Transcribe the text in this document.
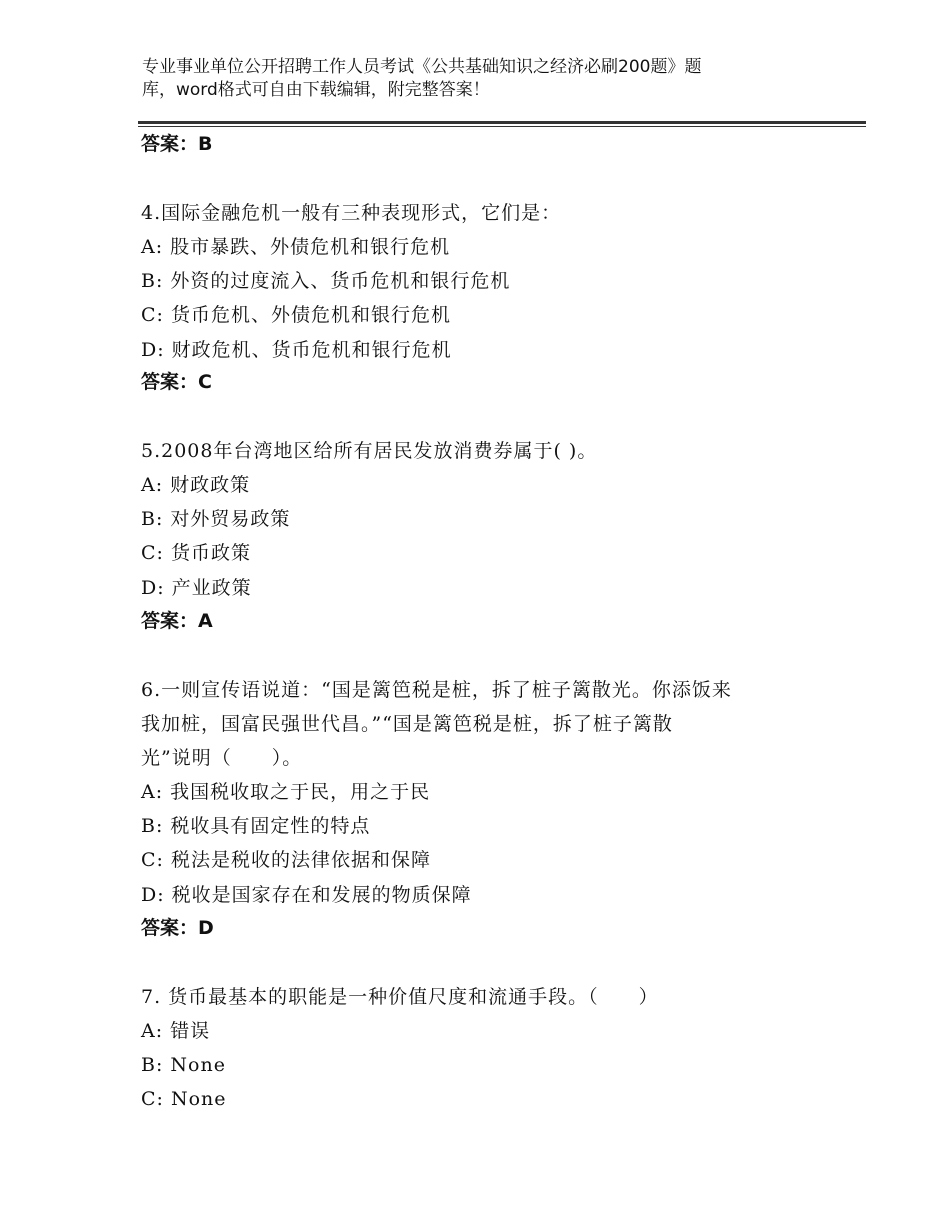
专业事业单位公开招聘工作人员考试《公共基础知识之经济必刷200题》题
库，word格式可自由下载编辑，附完整答案！
答案：B

4.国际金融危机一般有三种表现形式，它们是：

A: 股市暴跌、外债危机和银行危机

B: 外资的过度流入、货币危机和银行危机

C: 货币危机、外债危机和银行危机

D: 财政危机、货币危机和银行危机

答案：C

5.2008年台湾地区给所有居民发放消费券属于( )。

A: 财政政策

B: 对外贸易政策

C: 货币政策

D: 产业政策

答案：A

6.一则宣传语说道：“国是篱笆税是桩，拆了桩子篱散光。你添饭来

我加桩，国富民强世代昌。”“国是篱笆税是桩，拆了桩子篱散

光”说明（　　）。

A: 我国税收取之于民，用之于民

B: 税收具有固定性的特点

C: 税法是税收的法律依据和保障

D: 税收是国家存在和发展的物质保障

答案：D

7. 货币最基本的职能是一种价值尺度和流通手段。（　　）

A: 错误

B: None

C: None
